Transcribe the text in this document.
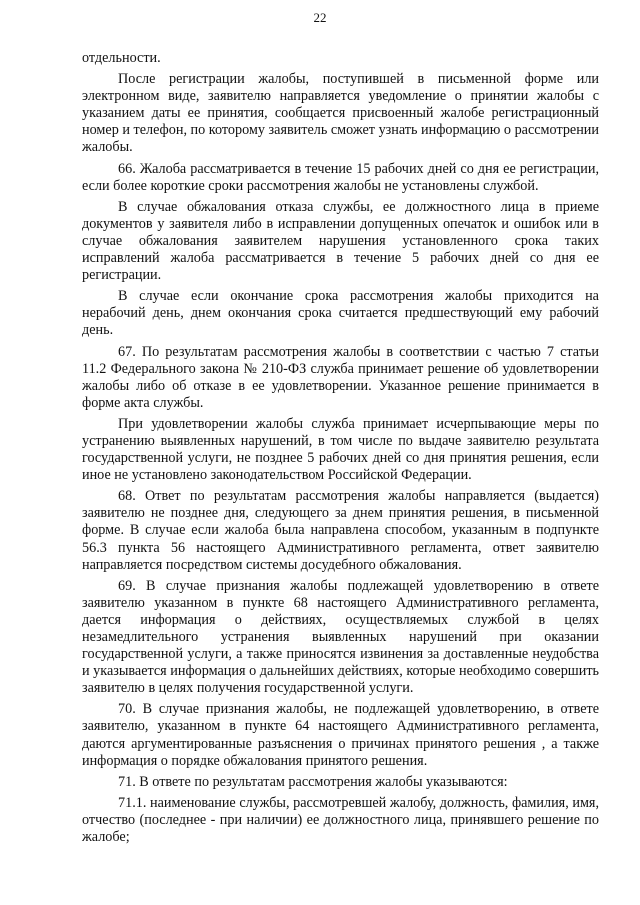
22

отдельности.

После регистрации жалобы, поступившей в письменной форме или электронном виде, заявителю направляется уведомление о принятии жалобы с указанием даты ее принятия, сообщается присвоенный жалобе регистрационный номер и телефон, по которому заявитель сможет узнать информацию о рассмотрении жалобы.

66. Жалоба рассматривается в течение 15 рабочих дней со дня ее регистрации, если более короткие сроки рассмотрения жалобы не установлены службой.

В случае обжалования отказа службы, ее должностного лица в приеме документов у заявителя либо в исправлении допущенных опечаток и ошибок или в случае обжалования заявителем нарушения установленного срока таких исправлений жалоба рассматривается в течение 5 рабочих дней со дня ее регистрации.

В случае если окончание срока рассмотрения жалобы приходится на нерабочий день, днем окончания срока считается предшествующий ему рабочий день.

67. По результатам рассмотрения жалобы в соответствии с частью 7 статьи 11.2 Федерального закона № 210-ФЗ служба принимает решение об удовлетворении жалобы либо об отказе в ее удовлетворении. Указанное решение принимается в форме акта службы.

При удовлетворении жалобы служба принимает исчерпывающие меры по устранению выявленных нарушений, в том числе по выдаче заявителю результата государственной услуги, не позднее 5 рабочих дней со дня принятия решения, если иное не установлено законодательством Российской Федерации.

68. Ответ по результатам рассмотрения жалобы направляется (выдается) заявителю не позднее дня, следующего за днем принятия решения, в письменной форме. В случае если жалоба была направлена способом, указанным в подпункте 56.3 пункта 56 настоящего Административного регламента, ответ заявителю направляется посредством системы досудебного обжалования.

69. В случае признания жалобы подлежащей удовлетворению в ответе заявителю указанном в пункте 68 настоящего Административного регламента, дается информация о действиях, осуществляемых службой в целях незамедлительного устранения выявленных нарушений при оказании государственной услуги, а также приносятся извинения за доставленные неудобства и указывается информация о дальнейших действиях, которые необходимо совершить заявителю в целях получения государственной услуги.

70. В случае признания жалобы, не подлежащей удовлетворению, в ответе заявителю, указанном в пункте 64 настоящего Административного регламента, даются аргументированные разъяснения о причинах принятого решения , а также информация о порядке обжалования принятого решения.

71. В ответе по результатам рассмотрения жалобы указываются:

71.1. наименование службы, рассмотревшей жалобу, должность, фамилия, имя, отчество (последнее - при наличии) ее должностного лица, принявшего решение по жалобе;
